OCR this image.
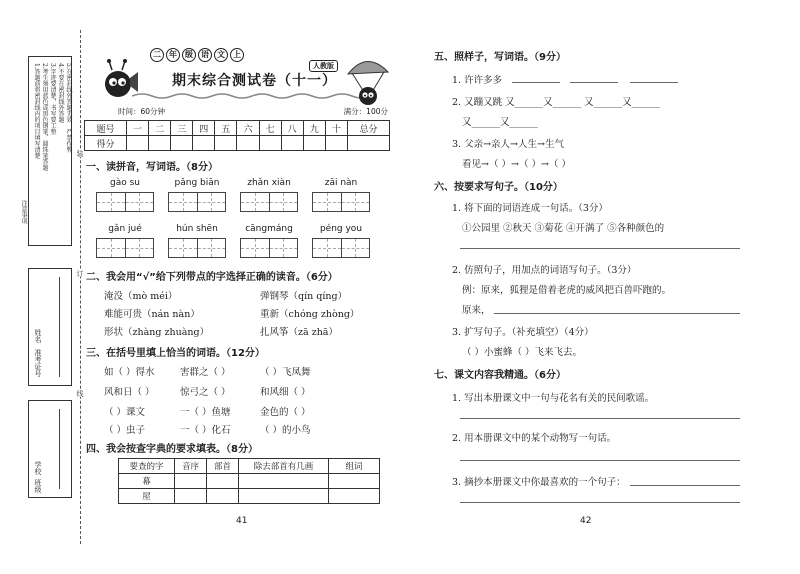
1.答题前将密封线内的项目填写清楚 2.考生须用蓝色或黑色钢笔、圆珠笔答题 3.字迹要清楚，书写要工整 4.不要在密封线外答题 5.在密封线外答题无效，严禁作弊
注意事项
姓名
准考证号
学校
班级
装
订
线
二	年	级	语	文	上
人教版
期末综合测试卷（十一）
时间：60分钟	满分：100分
题号	一	二	三	四	五	六	七	八	九	十	总分
得分											
一、读拼音，写词语。（8分）
gào su	pǎng biān	zhǎn xiàn	zāi nàn
gǎn jué	hún shēn	cāngmáng	péng you
二、我会用“√”给下列带点的字选择正确的读音。（6分）
淹没（mò méi）	弹钢琴（qín qíng）
难能可贵（nán nàn）	重新（chóng zhòng）
形状（zhàng zhuàng）	扎风筝（zā zhā）
三、在括号里填上恰当的词语。（12分）
如（ ）得水	害群之（ ）	（ ）飞凤舞
风和日（ ）	惊弓之（ ）	和风细（ ）
（ ）课文	一（ ）鱼塘	金色的（ ）
（ ）虫子	一（ ）化石	（ ）的小鸟
四、我会按查字典的要求填表。（8分）
要查的字	音序	部首	除去部首有几画	组词
幕				
屋				
41
五、照样子，写词语。（9分）
1. 许许多多
2. 又蹦又跳 又______又______ 又______又______
又______又______
3. 父亲→亲人→人生→生气
看见→（ ）→（ ）→（ ）
六、按要求写句子。（10分）
1. 将下面的词语连成一句话。（3分）
①公园里 ②秋天 ③菊花 ④开满了 ⑤各种颜色的
2. 仿照句子，用加点的词语写句子。（3分）
例：原来，狐狸是借着老虎的威风把百兽吓跑的。
原来，
3. 扩写句子。（补充填空）（4分）
（ ）小蜜蜂（ ）飞来飞去。
七、课文内容我精通。（6分）
1. 写出本册课文中一句与花名有关的民间歌谣。
2. 用本册课文中的某个动物写一句话。
3. 摘抄本册课文中你最喜欢的一个句子：
42
